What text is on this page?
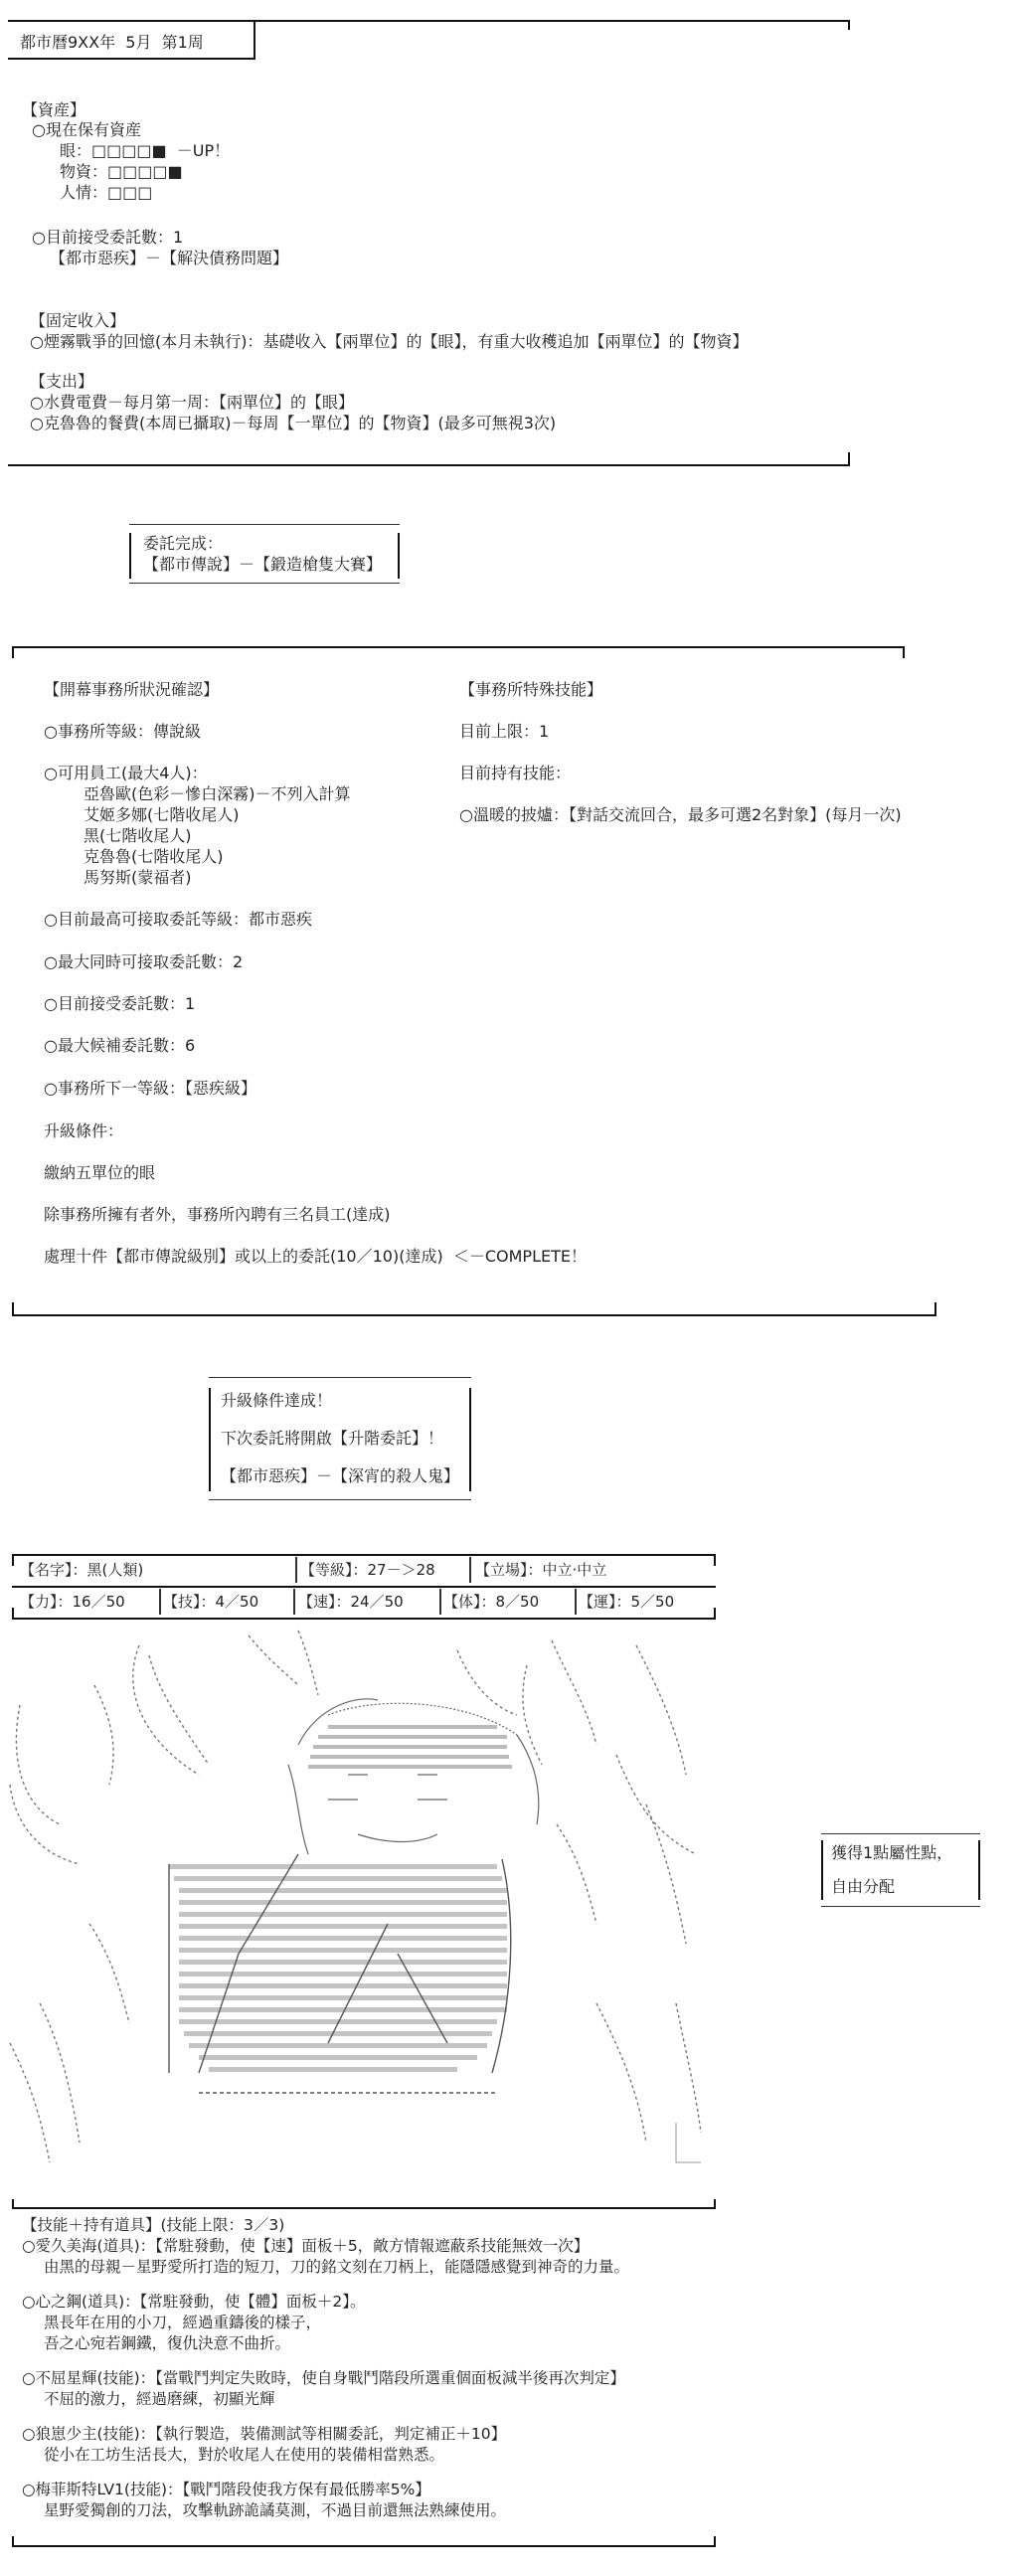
都市曆9XX年  5月  第1周
【資産】
○現在保有資産
眼：□□□□■  －UP！
物資：□□□□■
人情：□□□
○目前接受委託數：1
【都市惡疾】－【解決債務問題】
【固定收入】
○煙霧戰爭的回憶(本月未執行)：基礎收入【兩單位】的【眼】，有重大收穫追加【兩單位】的【物資】
【支出】
○水費電費－每月第一周：【兩單位】的【眼】
○克魯魯的餐費(本周已攝取)－每周【一單位】的【物資】(最多可無視3次)
委託完成：
【都市傳說】－【鍛造槍隻大賽】
【開幕事務所狀況確認】
○事務所等級：傳說級
○可用員工(最大4人)：
亞魯歐(色彩－慘白深霧)－不列入計算
艾姬多娜(七階收尾人)
黑(七階收尾人)
克魯魯(七階收尾人)
馬努斯(蒙福者)
○目前最高可接取委託等級：都市惡疾
○最大同時可接取委託數：2
○目前接受委託數：1
○最大候補委託數：6
○事務所下一等級：【惡疾級】
升級條件：
繳納五單位的眼
除事務所擁有者外，事務所內聘有三名員工(達成)
處理十件【都市傳說級別】或以上的委託(10／10)(達成)  ＜－COMPLETE！
【事務所特殊技能】
目前上限：1
目前持有技能：
○溫暖的披爐：【對話交流回合，最多可選2名對象】(每月一次)
升級條件達成！
下次委託將開啟【升階委託】！
【都市惡疾】－【深宵的殺人鬼】
【名字】：黑(人類)	【等級】：27－＞28	【立場】：中立·中立
【力】：16／50	【技】：4／50	【速】：24／50	【体】：8／50	【運】：5／50
獲得1點屬性點，
自由分配
【技能＋持有道具】(技能上限：3／3)
○愛久美海(道具)：【常駐發動，使【速】面板＋5，敵方情報遮蔽系技能無效一次】
由黑的母親－星野愛所打造的短刀，刀的銘文刻在刀柄上，能隱隱感覺到神奇的力量。
○心之鋼(道具)：【常駐發動，使【體】面板＋2】。
黑長年在用的小刀，經過重鑄後的樣子，
吾之心宛若鋼鐵，復仇決意不曲折。
○不屈星輝(技能)：【當戰鬥判定失敗時，使自身戰鬥階段所選重個面板減半後再次判定】
不屈的激力，經過磨練，初顯光輝
○狼崽少主(技能)：【執行製造，裝備測試等相關委託，判定補正＋10】
從小在工坊生活長大，對於收尾人在使用的裝備相當熟悉。
○梅菲斯特LV1(技能)：【戰鬥階段使我方保有最低勝率5%】
星野愛獨創的刀法，攻擊軌跡詭譎莫測，不過目前還無法熟練使用。
